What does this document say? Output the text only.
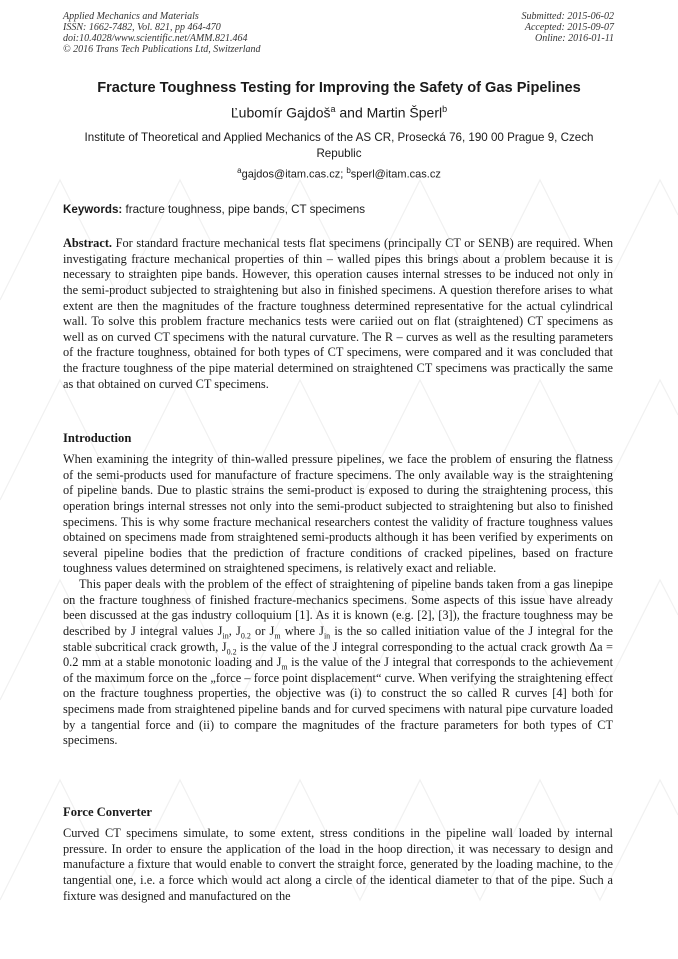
Applied Mechanics and Materials
ISSN: 1662-7482, Vol. 821, pp 464-470
doi:10.4028/www.scientific.net/AMM.821.464
© 2016 Trans Tech Publications Ltd, Switzerland
Submitted: 2015-06-02
Accepted: 2015-09-07
Online: 2016-01-11
Fracture Toughness Testing for Improving the Safety of Gas Pipelines
Ľubomír Gajdoš$^a$ and Martin Šperl$^b$
Institute of Theoretical and Applied Mechanics of the AS CR, Prosecká 76, 190 00 Prague 9, Czech Republic
$^a$gajdos@itam.cas.cz; $^b$sperl@itam.cas.cz
Keywords: fracture toughness, pipe bands, CT specimens

Abstract. For standard fracture mechanical tests flat specimens (principally CT or SENB) are required. When investigating fracture mechanical properties of thin – walled pipes this brings about a problem because it is necessary to straighten pipe bands. However, this operation causes internal stresses to be induced not only in the semi-product subjected to straightening but also in finished specimens. A question therefore arises to what extent are then the magnitudes of the fracture toughness determined representative for the actual cylindrical wall. To solve this problem fracture mechanics tests were cariied out on flat (straightened) CT specimens as well as on curved CT specimens with the natural curvature. The R – curves as well as the resulting parameters of the fracture toughness, obtained for both types of CT specimens, were compared and it was concluded that the fracture toughness of the pipe material determined on straightened CT specimens was practically the same as that obtained on curved CT specimens.

Introduction

When examining the integrity of thin-walled pressure pipelines, we face the problem of ensuring the flatness of the semi-products used for manufacture of fracture specimens. The only available way is the straightening of pipeline bands. Due to plastic strains the semi-product is exposed to during the straightening process, this operation brings internal stresses not only into the semi-product subjected to straightening but also to finished specimens. This is why some fracture mechanical researchers contest the validity of fracture toughness values obtained on specimens made from straightened semi-products although it has been verified by experiments on several pipeline bodies that the prediction of fracture conditions of cracked pipelines, based on fracture toughness values determined on straightened specimens, is relatively exact and reliable.

This paper deals with the problem of the effect of straightening of pipeline bands taken from a gas linepipe on the fracture toughness of finished fracture-mechanics specimens. Some aspects of this issue have already been discussed at the gas industry colloquium [1]. As it is known (e.g. [2], [3]), the fracture toughness may be described by J integral values $J_{in}$, $J_{0.2}$ or $J_m$ where $J_{in}$ is the so called initiation value of the J integral for the stable subcritical crack growth, $J_{0.2}$ is the value of the J integral corresponding to the actual crack growth Δa = 0.2 mm at a stable monotonic loading and $J_m$ is the value of the J integral that corresponds to the achievement of the maximum force on the „force – force point displacement“ curve. When verifying the straightening effect on the fracture toughness properties, the objective was (i) to construct the so called R curves [4] both for specimens made from straightened pipeline bands and for curved specimens with natural pipe curvature loaded by a tangential force and (ii) to compare the magnitudes of the fracture parameters for both types of CT specimens.

Force Converter

Curved CT specimens simulate, to some extent, stress conditions in the pipeline wall loaded by internal pressure. In order to ensure the application of the load in the hoop direction, it was necessary to design and manufacture a fixture that would enable to convert the straight force, generated by the loading machine, to the tangential one, i.e. a force which would act along a circle of the identical diameter to that of the pipe. Such a fixture was designed and manufactured on the
